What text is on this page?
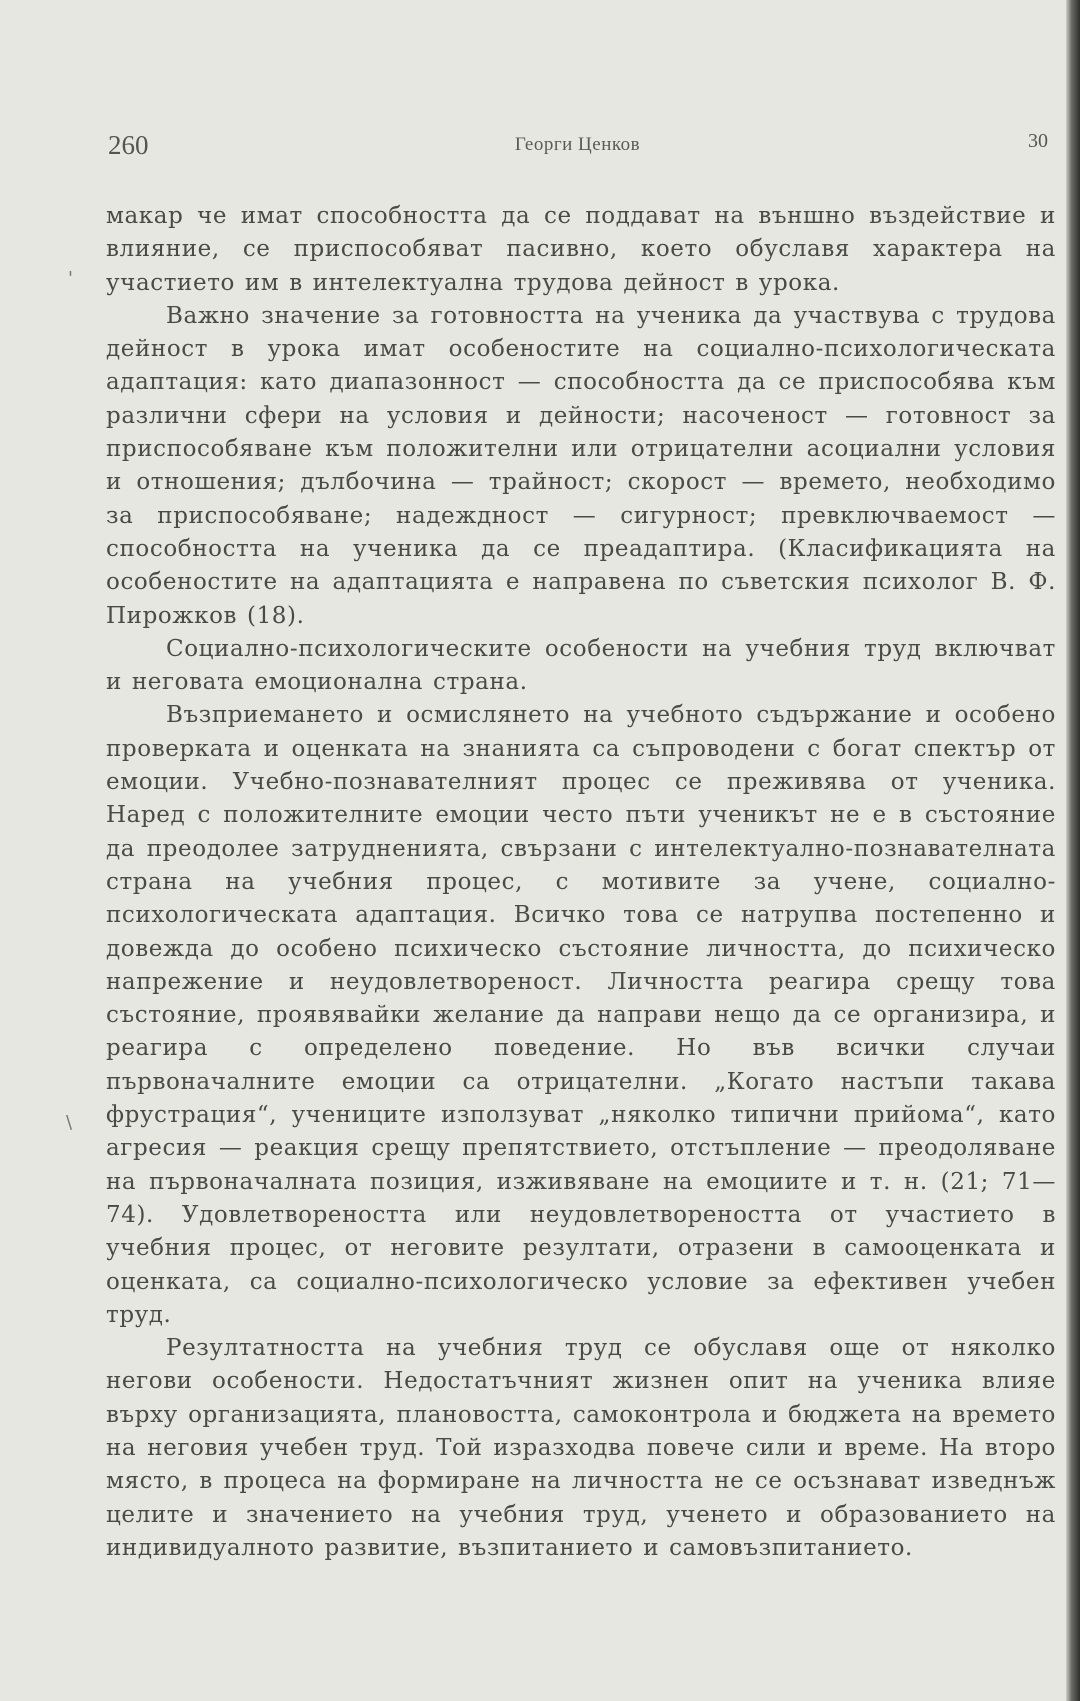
260	Георги Ценков	30
'
\

макар че имат способността да се поддават на външно въздействие и влияние, се приспособяват пасивно, което обуславя характера на участието им в интелектуална трудова дейност в урока.

Важно значение за готовността на ученика да участвува с трудова дейност в урока имат особеностите на социално-психологическата адаптация: като диапазонност — способността да се приспособява към различни сфери на условия и дейности; насоченост — готовност за приспособяване към положителни или отрицателни асоциални условия и отношения; дълбочина — трайност; скорост — времето, необходимо за приспособяване; надеждност — сигурност; превключваемост — способността на ученика да се преадаптира. (Класификацията на особеностите на адаптацията е направена по съветския психолог В. Ф. Пирожков (18).

Социално-психологическите особености на учебния труд включват и неговата емоционална страна.

Възприемането и осмислянето на учебното съдържание и особено проверката и оценката на знанията са съпроводени с богат спектър от емоции. Учебно-познавателният процес се преживява от ученика. Наред с положителните емоции често пъти ученикът не е в състояние да преодолее затрудненията, свързани с интелектуално-познавателната страна на учебния процес, с мотивите за учене, социално-психологическата адаптация. Всичко това се натрупва постепенно и довежда до особено психическо състояние личността, до психическо напрежение и неудовлетвореност. Личността реагира срещу това състояние, проявявайки желание да направи нещо да се организира, и реагира с определено поведение. Но във всички случаи първоначалните емоции са отрицателни. „Когато настъпи такава фрустрация“, учениците използуват „няколко типични прийома“, като агресия — реакция срещу препятствието, отстъпление — преодоляване на първоначалната позиция, изживяване на емоциите и т. н. (21; 71—74). Удовлетвореността или неудовлетвореността от участието в учебния процес, от неговите резултати, отразени в самооценката и оценката, са социално-психологическо условие за ефективен учебен труд.

Резултатността на учебния труд се обуславя още от няколко негови особености. Недостатъчният жизнен опит на ученика влияе върху организацията, плановостта, самоконтрола и бюджета на времето на неговия учебен труд. Той изразходва повече сили и време. На второ място, в процеса на формиране на личността не се осъзнават изведнъж целите и значението на учебния труд, ученето и образованието на индивидуалното развитие, възпитанието и самовъзпитанието.
